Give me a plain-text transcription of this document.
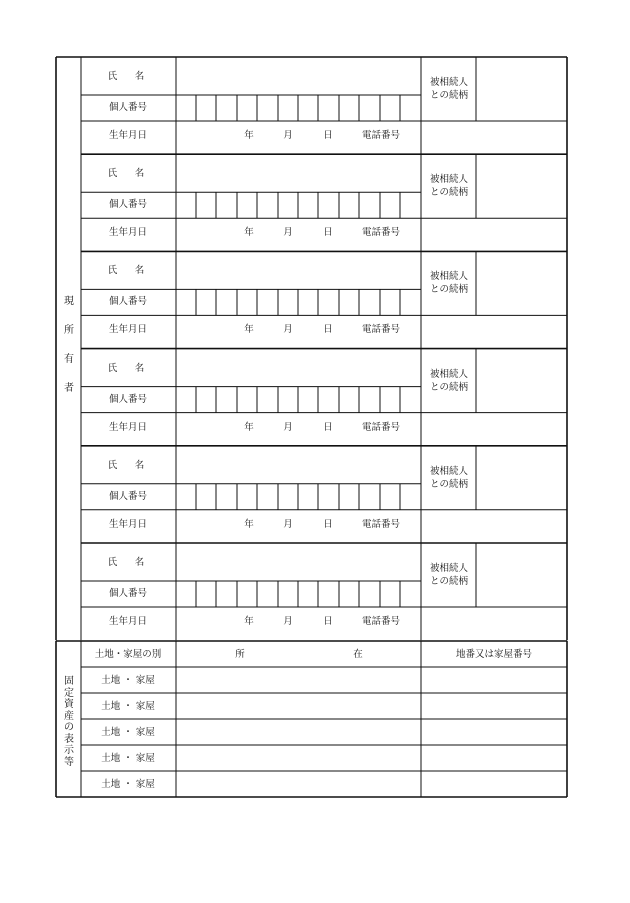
現
所
有
者
固
定
資
産
の
表
示
等
氏　名
個人番号
生年月日	年	月	日	電話番号
被相続人
との続柄
氏　名
個人番号
生年月日	年	月	日	電話番号
被相続人
との続柄
氏　名
個人番号
生年月日	年	月	日	電話番号
被相続人
との続柄
氏　名
個人番号
生年月日	年	月	日	電話番号
被相続人
との続柄
氏　名
個人番号
生年月日	年	月	日	電話番号
被相続人
との続柄
氏　名
個人番号
生年月日	年	月	日	電話番号
被相続人
との続柄
土地・家屋の別	所	在	地番又は家屋番号
土地 ・ 家屋
土地 ・ 家屋
土地 ・ 家屋
土地 ・ 家屋
土地 ・ 家屋
